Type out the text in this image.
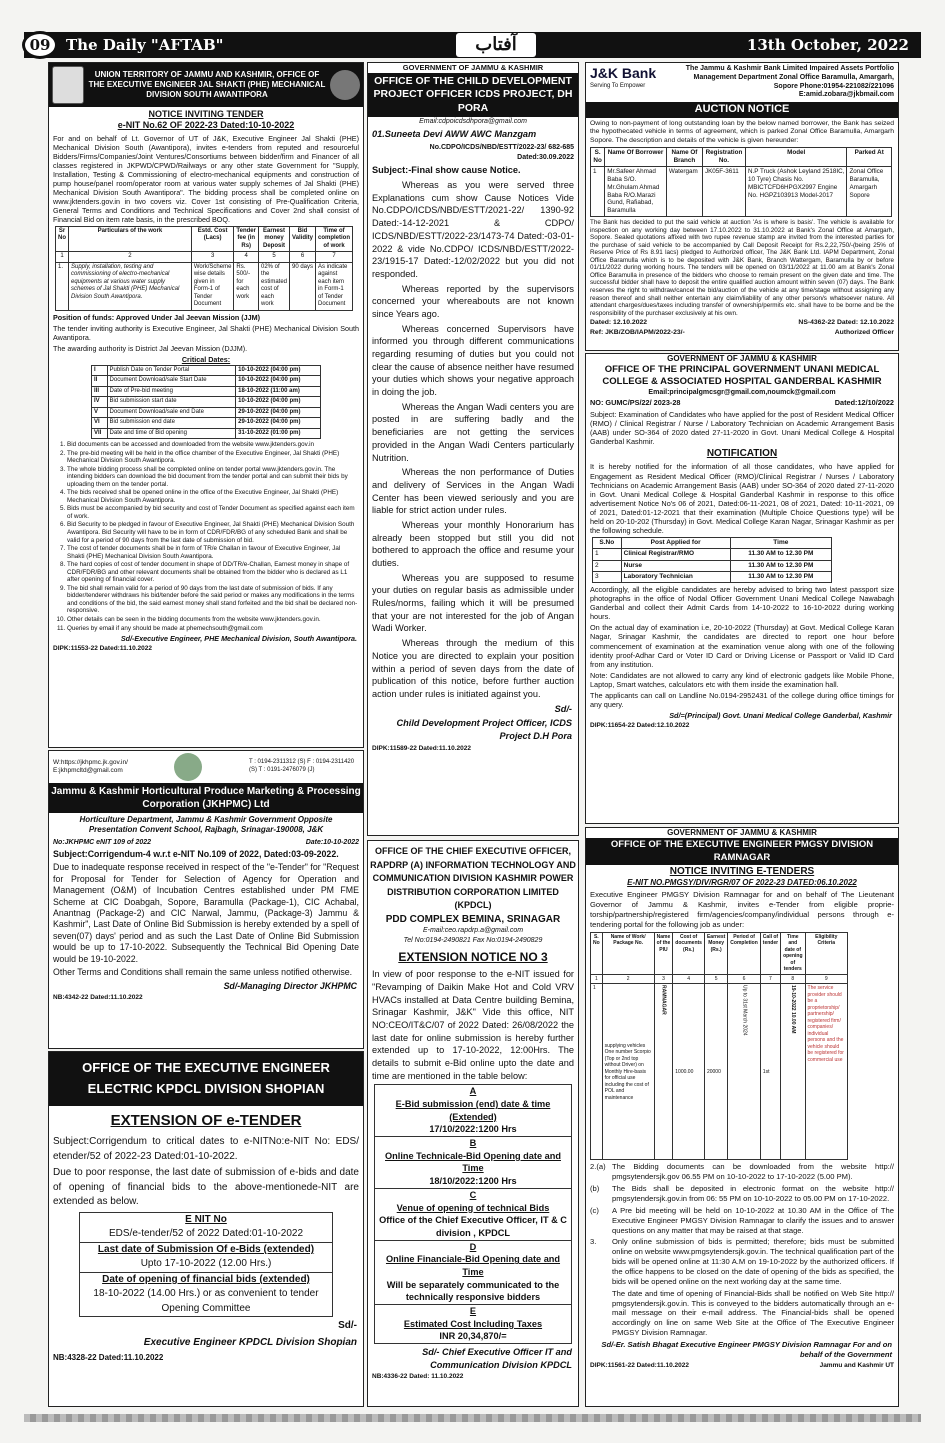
09	The Daily "AFTAB"	آفتاب	13th October, 2022
UNION TERRITORY OF JAMMU AND KASHMIR, OFFICE OF THE EXECUTIVE ENGINEER JAL SHAKTI (PHE) MECHANICAL DIVISION SOUTH AWANTIPORA
NOTICE INVITING TENDER
e-NIT No.62 OF 2022-23 Dated:10-10-2022

For and on behalf of Lt. Governor of UT of J&K, Executive Engineer Jal Shakti (PHE) Mechanical Division South (Awantipora), invites e-tenders from reputed and resourceful Bidders/Firms/Companies/Joint Ventures/Consortiums between bidder/firm and Financer of all classes registered in JKPWD/CPWD/Railways or any other state Government for "Supply, Installation, Testing & Commissioning of electro-mechanical equipments and construction of pump house/panel room/operator room at various water supply schemes of Jal Shakti (PHE) Mechanical Division South Awantipora". The bidding process shall be completed online on www.jktenders.gov.in in two covers viz. Cover 1st consisting of Pre-Qualification Criteria, General Terms and Conditions and Technical Specifications and Cover 2nd shall consist of Financial Bid on item rate basis, in the prescribed BOQ.

Sr No	Particulars of the work	Estd. Cost (Lacs)	Tender fee (in Rs)	Earnest money Deposit	Bid Validity	Time of completion of work
1	2	3	4	5	6	7
1.	Supply, installation, testing and commissioning of electro-mechanical equipments at various water supply schemes of Jal Shakti (PHE) Mechanical Division South Awantipora.	Work/Scheme wise details given in Form-1 of Tender Document	Rs. 500/- for each work	02% of the estimated cost of each work	90 days	As indicate against each item in Form-1 of Tender Document

Position of funds: Approved Under Jal Jeevan Mission (JJM)

The tender inviting authority is Executive Engineer, Jal Shakti (PHE) Mechanical Division South Awantipora.

The awarding authority is District Jal Jeevan Mission (DJJM).

Critical Dates:
I	Publish Date on Tender Portal	10-10-2022 (04:00 pm)
II	Document Download/sale Start Date	10-10-2022 (04:00 pm)
III	Date of Pre-bid meeting	18-10-2022 (11:00 am)
IV	Bid submission start date	10-10-2022 (04:00 pm)
V	Document Download/sale end Date	29-10-2022 (04:00 pm)
VI	Bid submission end date	29-10-2022 (04:00 pm)
VII	Date and time of Bid opening	31-10-2022 (01:00 pm)
1. Bid documents can be accessed and downloaded from the website www.jktenders.gov.in
2. The pre-bid meeting will be held in the office chamber of the Executive Engineer, Jal Shakti (PHE) Mechanical Division South Awantipora.
3. The whole bidding process shall be completed online on tender portal www.jktenders.gov.in. The intending bidders can download the bid document from the tender portal and can submit their bids by uploading them on the tender portal.
4. The bids received shall be opened online in the office of the Executive Engineer, Jal Shakti (PHE) Mechanical Division South Awantipora.
5. Bids must be accompanied by bid security and cost of Tender Document as specified against each item of work.
6. Bid Security to be pledged in favour of Executive Engineer, Jal Shakti (PHE) Mechanical Division South Awantipora. Bid Security will have to be in form of CDR/FDR/BG of any scheduled Bank and shall be valid for a period of 90 days from the last date of submission of bid.
7. The cost of tender documents shall be in form of TR/e Challan in favour of Executive Engineer, Jal Shakti (PHE) Mechanical Division South Awantipora.
8. The hard copies of cost of tender document in shape of DD/TR/e-Challan, Earnest money in shape of CDR/FDR/BG and other relevant documents shall be obtained from the bidder who is declared as L1 after opening of financial cover.
9. The bid shall remain valid for a period of 90 days from the last date of submission of bids. If any bidder/tenderer withdraws his bid/tender before the said period or makes any modifications in the terms and conditions of the bid, the said earnest money shall stand forfeited and the bid shall be declared non-responsive.
10. Other details can be seen in the bidding documents from the website www.jktenders.gov.in.
11. Queries by email if any should be made at phemechsouth@gmail.com
Sd/-Executive Engineer, PHE Mechanical Division, South Awantipora.
DIPK:11553-22 Dated:11.10.2022
GOVERNMENT OF JAMMU & KASHMIR
OFFICE OF THE CHILD DEVELOPMENT PROJECT OFFICER ICDS PROJECT, DH PORA
Email:cdpoicdsdhpora@gmail.com

01.Suneeta Devi AWW AWC Manzgam

No.CDPO/ICDS/NBD/ESTT/2022-23/ 682-685 Dated:30.09.2022

Subject:-Final show cause Notice.

Whereas as you were served three Explanations cum show Cause Notices Vide No.CDPO/ICDS/NBD/ESTT/2021-22/ 1390-92 Dated:-14-12-2021 & CDPO/ ICDS/NBD/ESTT/2022-23/1473-74 Dated:-03-01-2022 & vide No.CDPO/ ICDS/NBD/ESTT/2022-23/1915-17 Dated:-12/02/2022 but you did not responded.

Whereas reported by the supervisors concerned your whereabouts are not known since Years ago.

Whereas concerned Supervisors have informed you through different communications regarding resuming of duties but you could not clear the cause of absence neither have resumed your duties which shows your negative approach in doing the job.

Whereas the Angan Wadi centers you are posted in are suffering badly and the beneficiaries are not getting the services provided in the Angan Wadi Centers particularly Nutrition.

Whereas the non performance of Duties and delivery of Services in the Angan Wadi Center has been viewed seriously and you are liable for strict action under rules.

Whereas your monthly Honorarium has already been stopped but still you did not bothered to approach the office and resume your duties.

Whereas you are supposed to resume your duties on regular basis as admissible under Rules/norms, failing which it will be presumed that your are not interested for the job of Angan Wadi Worker.

Whereas through the medium of this Notice you are directed to explain your position within a period of seven days from the date of publication of this notice, before further auction action under rules is initiated against you.

Sd/-
Child Development Project Officer, ICDS Project D.H Pora
DIPK:11589-22 Dated:11.10.2022
J&K Bank
Serving To Empower
The Jammu & Kashmir Bank Limited Impaired Assets Portfolio Management Department Zonal Office Baramulla, Amargarh, Sopore Phone:01954-221082/221096 E:amid.zobara@jkbmail.com
AUCTION NOTICE

Owing to non-payment of long outstanding loan by the below named borrower, the Bank has seized the hypothecated vehicle in terms of agreement, which is parked Zonal Office Baramulla, Amargarh Sopore. The description and details of the vehicle is given hereunder:

S. No	Name Of Borrower	Name Of Branch	Registration No.	Model	Parked At
1	Mr.Safeer Ahmad Baba S/O. Mr.Ghulam Ahmad Baba R/O.Marazi Gund, Rafiabad, Baramulla	Watergam	JK05F-3611	N.P Truck (Ashok Leyland 2518IC, 10 Tyre) Chasis No. MBICTCFD6HPGX2997 Engine No. HGPZ103913 Model-2017	Zonal Office Baramulla, Amargarh Sopore

The Bank has decided to put the said vehicle at auction 'As is where is basis'. The vehicle is available for inspection on any working day between 17.10.2022 to 31.10.2022 at Bank's Zonal Office at Amargarh, Sopore. Sealed quotations affixed with two rupee revenue stamp are invited from the interested parties for the purchase of said vehicle to be accompanied by Call Deposit Receipt for Rs.2,22,750/-(being 25% of Reserve Price of Rs 8.91 lacs) pledged to Authorized officer, The J&K Bank Ltd. IAPM Department, Zonal Office Baramulla which is to be deposited with J&K Bank, Branch Wattergam, Baramulla by or before 01/11/2022 during working hours. The tenders will be opened on 03/11/2022 at 11.00 am at Bank's Zonal Office Baramulla in presence of the bidders who choose to remain present on the given date and time. The successful bidder shall have to deposit the entire qualified auction amount within seven (07) days. The Bank reserves the right to withdraw/cancel the bid/auction of the vehicle at any time/stage without assigning any reason thereof and shall neither entertain any claim/liability of any other person/s whatsoever nature. All attendant charges/dues/taxes including transfer of ownership/permits etc. shall have to be borne and be the responsibility of the purchaser exclusively at his own.

Dated: 12.10.2022	NS-4362-22 Dated: 12.10.2022
Ref: JKB/ZOB/IAPM/2022-23/-	Authorized Officer
GOVERNMENT OF JAMMU & KASHMIR
OFFICE OF THE PRINCIPAL GOVERNMENT UNANI MEDICAL COLLEGE & ASSOCIATED HOSPITAL GANDERBAL KASHMIR
Email:principalgmcsgr@gmail.com,noumck@gmail.com
NO: GUMC/PS/22/ 2023-28	Dated:12/10/2022

Subject: Examination of Candidates who have applied for the post of Resident Medical Officer (RMO) / Clinical Registrar / Nurse / Laboratory Technician on Academic Arrangement Basis (AAB) under SO-364 of 2020 dated 27-11-2020 in Govt. Unani Medical College & Hospital Ganderbal Kashmir.

NOTIFICATION

It is hereby notified for the information of all those candidates, who have applied for Engagement as Resident Medical Officer (RMO)/Clinical Registrar / Nurses / Laboratory Technicians on Academic Arrangement Basis (AAB) under SO-364 of 2020 dated 27-11-2020 in Govt. Unani Medical College & Hospital Ganderbal Kashmir in response to this office advertisement Notice No's 06 of 2021, Dated:06-11-2021, 08 of 2021, Dated: 10-11-2021, 09 of 2021, Dated:01-12-2021 that their examination (Multiple Choice Questions type) will be held on 20-10-202 (Thursday) in Govt. Medical College Karan Nagar, Srinagar Kashmir as per the following schedule.

S.No	Post Applied for	Time
1	Clinical Registrar/RMO	11.30 AM to 12.30 PM
2	Nurse	11.30 AM to 12.30 PM
3	Laboratory Technician	11.30 AM to 12.30 PM

Accordingly, all the eligible candidates are hereby advised to bring two latest passport size photographs in the office of Nodal Officer Government Unani Medical College Nawabagh Ganderbal and collect their Admit Cards from 14-10-2022 to 16-10-2022 during working hours.

On the actual day of examination i.e, 20-10-2022 (Thursday) at Govt. Medical College Karan Nagar, Srinagar Kashmir, the candidates are directed to report one hour before commencement of examination at the examination venue along with one of the following identity proof-Adhar Card or Voter ID Card or Driving License or Passport or Valid ID Card from any institution.

Note: Candidates are not allowed to carry any kind of electronic gadgets like Mobile Phone, Laptop, Smart watches, calculators etc with them inside the examination hall.

The applicants can call on Landline No.0194-2952431 of the college during office timings for any query.

Sd/=(Principal) Govt. Unani Medical College Ganderbal, Kashmir
DIPK:11654-22 Dated:12.10.2022
W:https://jkhpmc.jk.gov.in/
E:jkhpmcltd@gmail.com
T : 0194-2311312 (S) F : 0194-2311420 (S) T : 0191-2476079 (J)
Jammu & Kashmir Horticultural Produce Marketing & Processing Corporation (JKHPMC) Ltd
Horticulture Department, Jammu & Kashmir Government Opposite Presentation Convent School, Rajbagh, Srinagar-190008, J&K
No:JKHPMC eNIT 109 of 2022	Date:10-10-2022

Subject:Corrigendum-4 w.r.t e-NIT No.109 of 2022, Dated:03-09-2022.

Due to inadequate response received in respect of the "e-Tender" for "Request for Proposal for Tender for Selection of Agency for Operation and Management (O&M) of Incubation Centres established under PM FME Scheme at CIC Doabgah, Sopore, Baramulla (Package-1), CIC Achabal, Anantnag (Package-2) and CIC Narwal, Jammu, (Package-3) Jammu & Kashmir", Last Date of Online Bid Submission is hereby extended by a spell of seven(07) days' period and as such the Last Date of Online Bid Submission would be up to 17-10-2022. Subsequently the Technical Bid Opening Date would be 19-10-2022.

Other Terms and Conditions shall remain the same unless notified otherwise.

Sd/-Managing Director JKHPMC
NB:4342-22 Dated:11.10.2022
OFFICE OF THE EXECUTIVE ENGINEER ELECTRIC KPDCL DIVISION SHOPIAN
EXTENSION OF e-TENDER

Subject:Corrigendum to critical dates to e-NITNo:e-NIT No: EDS/ etender/52 of 2022-23 Dated:01-10-2022.

Due to poor response, the last date of submission of e-bids and date of opening of financial bids to the above-mentionede-NIT are extended as below.

E NIT No
EDS/e-tender/52 of 2022 Dated:01-10-2022
Last date of Submission Of e-Bids (extended)
Upto 17-10-2022 (12.00 Hrs.)
Date of opening of financial bids (extended)
18-10-2022 (14.00 Hrs.) or as convenient to tender Opening Committee
Sd/-
Executive Engineer KPDCL Division Shopian
NB:4328-22 Dated:11.10.2022
OFFICE OF THE CHIEF EXECUTIVE OFFICER, RAPDRP (A) INFORMATION TECHNOLOGY AND COMMUNICATION DIVISION KASHMIR POWER DISTRIBUTION CORPORATION LIMITED (KPDCL)
PDD COMPLEX BEMINA, SRINAGAR
E-mail:ceo.rapdrp.a@gmail.com
Tel No:0194-2490821 Fax No:0194-2490829
EXTENSION NOTICE NO 3

In view of poor response to the e-NIT issued for "Revamping of Daikin Make Hot and Cold VRV HVACs installed at Data Centre building Bemina, Srinagar Kashmir, J&K" Vide this office, NIT NO:CEO/IT&C/07 of 2022 Dated: 26/08/2022 the last date for online submission is hereby further extended up to 17-10-2022, 12:00Hrs. The details to submit e-Bid online upto the date and time are mentioned in the table below:

A
E-Bid submission (end) date & time (Extended)
17/10/2022:1200 Hrs
B
Online Technicale-Bid Opening date and Time
18/10/2022:1200 Hrs
C
Venue of opening of technical Bids
Office of the Chief Executive Officer, IT & C division , KPDCL
D
Online Financiale-Bid Opening date and Time
Will be separately communicated to the technically responsive bidders
E
Estimated Cost Including Taxes
INR 20,34,870/=
Sd/- Chief Executive Officer IT and Communication Division KPDCL
NB:4336-22 Dated: 11.10.2022
GOVERNMENT OF JAMMU & KASHMIR
OFFICE OF THE EXECUTIVE ENGINEER PMGSY DIVISION RAMNAGAR
NOTICE INVITING E-TENDERS
E-NIT NO.PMGSY/DIV/RGR/07 OF 2022-23 DATED:06.10.2022

Executive Engineer PMGSY Division Ramnagar for and on behalf of The Lieutenant Governor of Jammu & Kashmir, invites e-Tender from eligible proprie-torship/partnership/registered firm/agencies/company/individual persons through e-tendering portal for the following job as under:

S. No	Name of Work/ Package No.	Name of the PIU	Cost of documents (Rs.)	Earnest Money (Rs.)	Period of Completion	Call of tender	Time and date of opening of tenders	Eligibility Criteria
1	2	3	4	5	6	7	8	9
1	supplying vehicles One number Scorpio (Top or 2nd top without Driver) on Monthly Hire-basis for official use including the cost of POL and maintenance	RAMNAGAR	1000.00	20000	Up to 31st March 2024	1st	19-10-2022 10.00 AM	The service provider should be a proprietorship/ partnership/ registered firm/ companies/ individual persons and the vehicle should be registered for commercial use
2.(a) The Bidding documents can be downloaded from the website http:// pmgsytendersjk.gov 06.55 PM on 10-10-2022 to 17-10-2022 (5.00 PM).
(b)	The Bids shall be deposited in electronic format on the website http:// pmgsytendersjk.gov.in from 06: 55 PM on 10-10-2022 to 05.00 PM on 17-10-2022.
(c)	A Pre bid meeting will be held on 10-10-2022 at 10.30 AM in the Office of The Executive Engineer PMGSY Division Ramnagar to clarify the issues and to answer questions on any matter that may be raised at that stage.
3.	Only online submission of bids is permitted; therefore; bids must be submitted online on website www.pmgsytendersjk.gov.in. The technical qualification part of the bids will be opened online at 11:30 A.M on 19-10-2022 by the authorized officers. If the office happens to be closed on the date of opening of the bids as specified, the bids will be opened online on the next working day at the same time.
The date and time of opening of Financial-Bids shall be notified on Web Site http:// pmgsytendersjk.gov.in. This is conveyed to the bidders automatically through an e-mail message on their e-mail address. The Financial-bids shall be opened accordingly on line on same Web Site at the Office of The Executive Engineer PMGSY Division Ramnagar.
Sd/-Er. Satish Bhagat Executive Engineer PMGSY Division Ramnagar For and on behalf of the Government
DIPK:11561-22 Dated:11.10.2022	Jammu and Kashmir UT
